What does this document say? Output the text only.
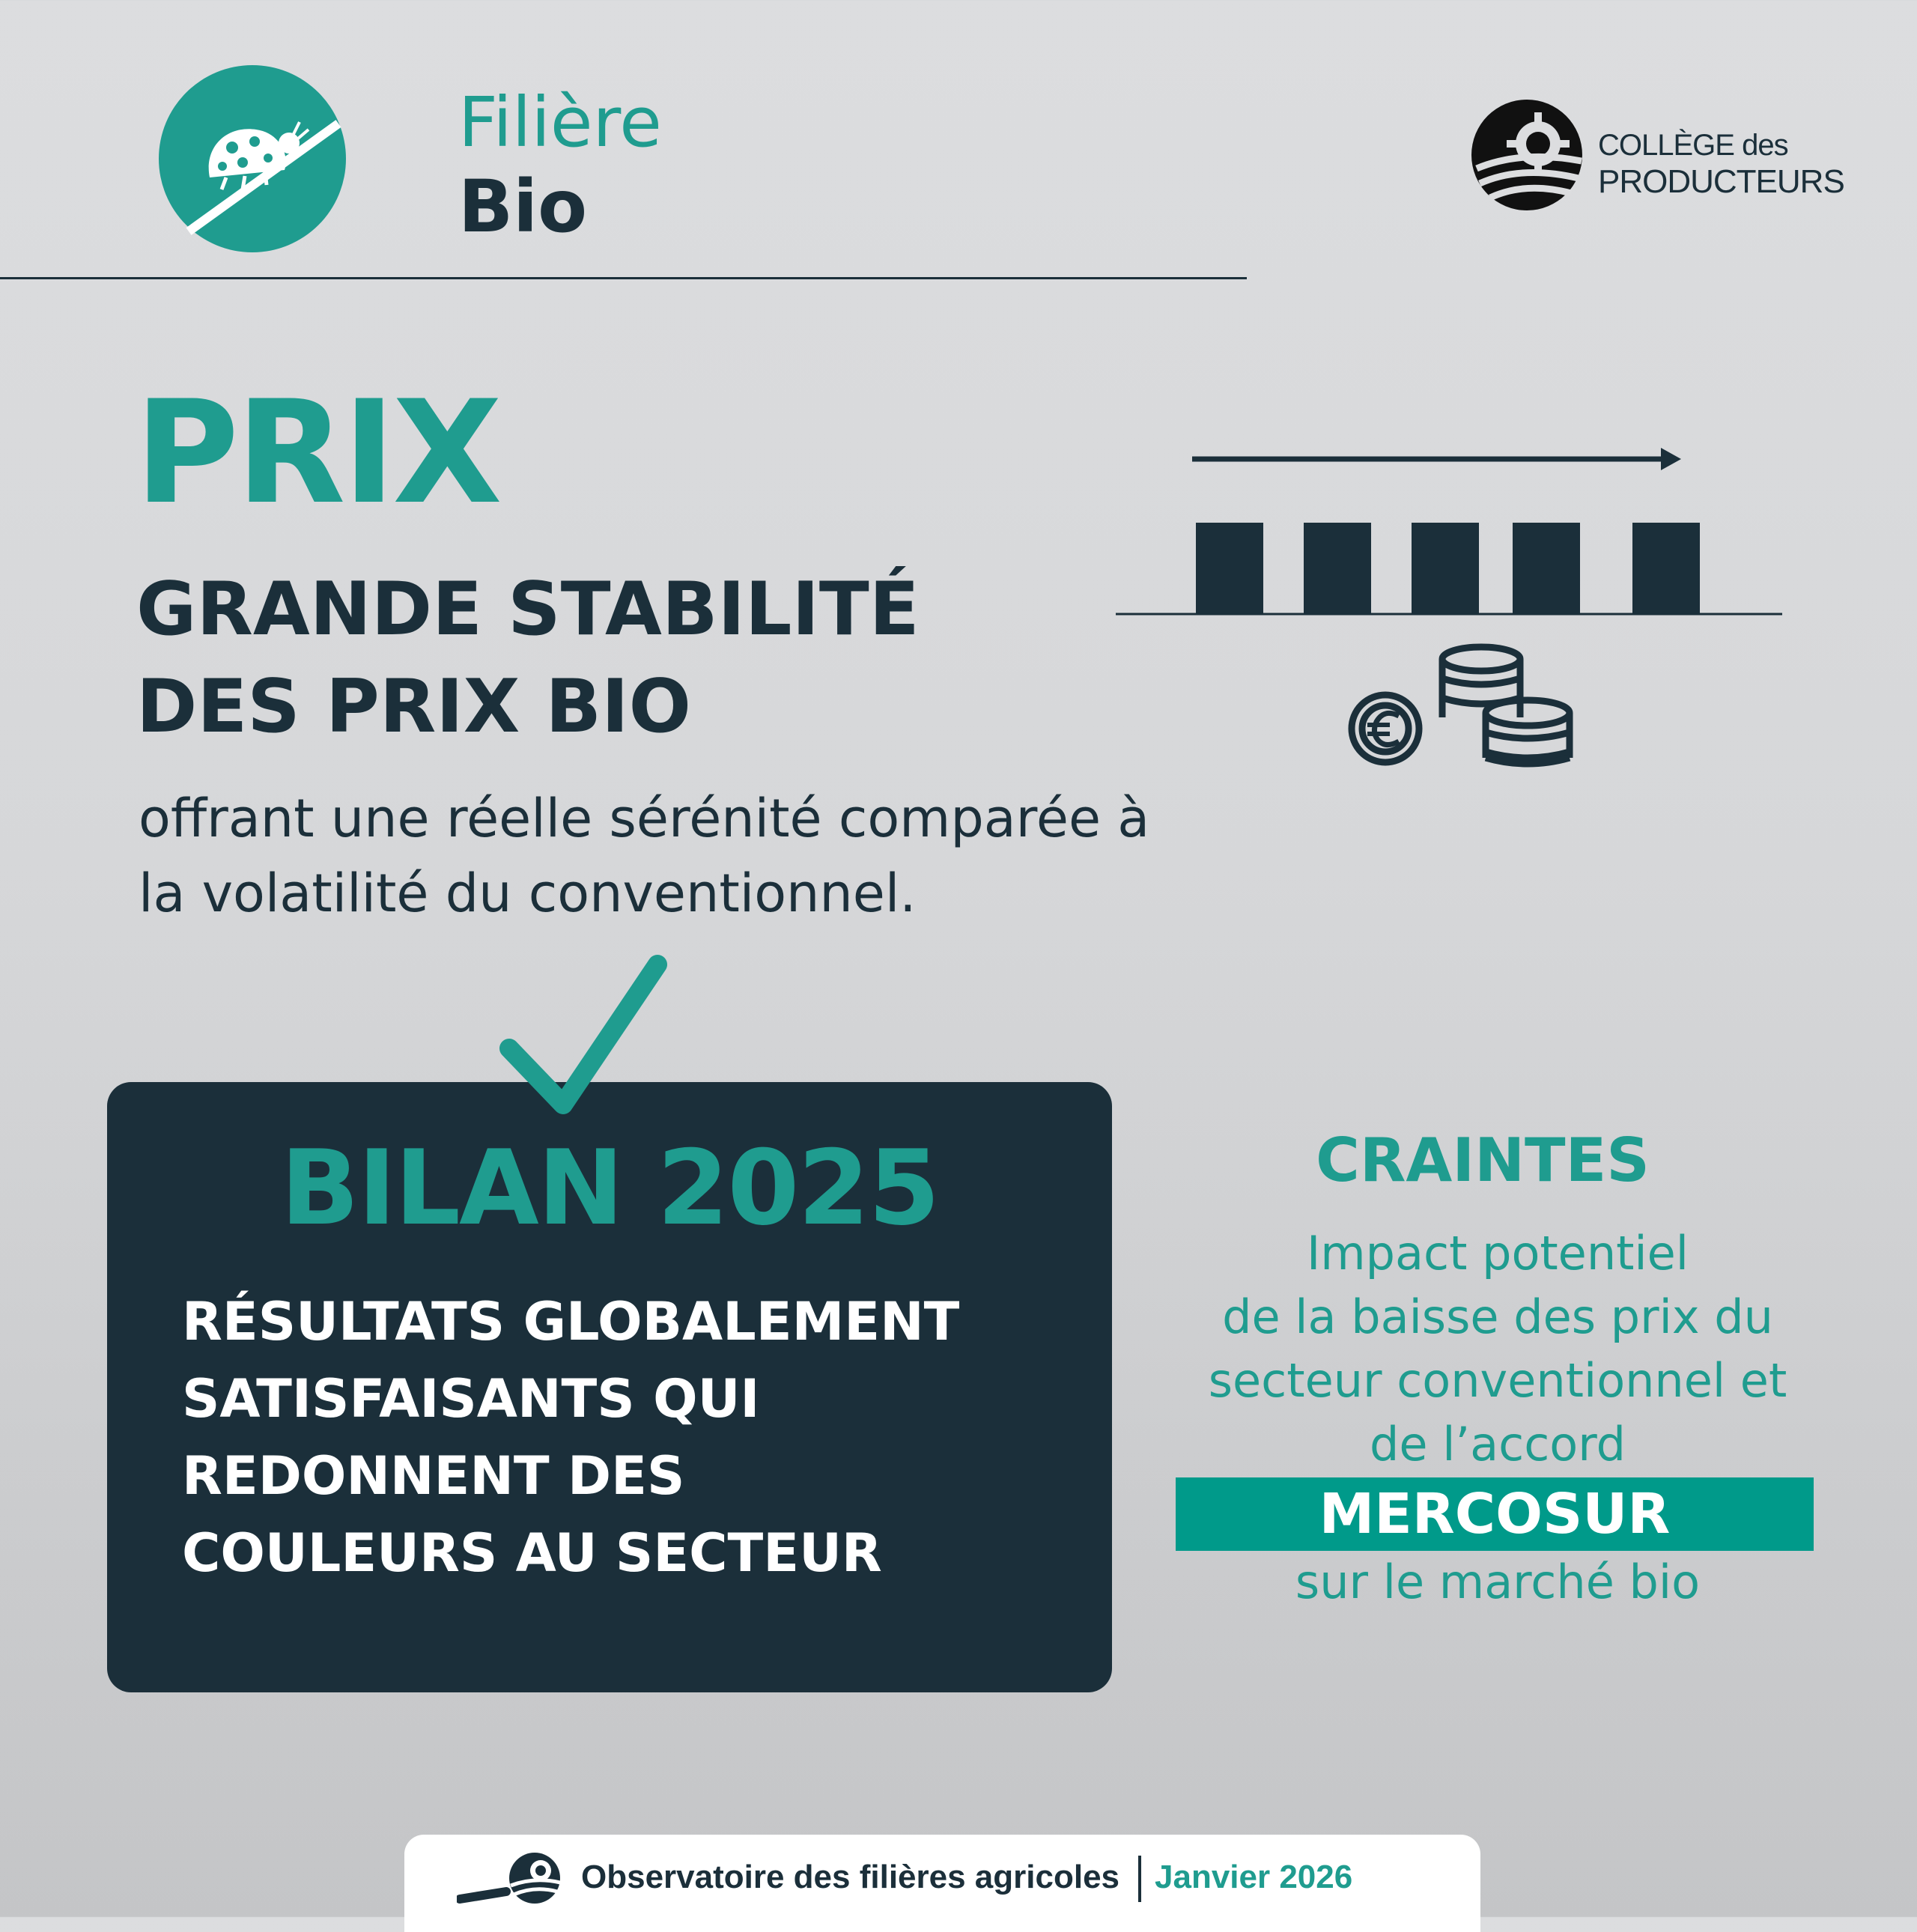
Filière
Bio
COLLÈGE des
PRODUCTEURS
PRIX
GRANDE STABILITÉ
DES PRIX BIO
offrant une réelle sérénité comparée à
la volatilité du conventionnel.
BILAN 2025
RÉSULTATS GLOBALEMENT
SATISFAISANTS QUI
REDONNENT DES
COULEURS AU SECTEUR
CRAINTES
Impact potentiel
de la baisse des prix du
secteur conventionnel et
de l’accord
MERCOSUR
sur le marché bio
Observatoire des filières agricoles Janvier 2026
